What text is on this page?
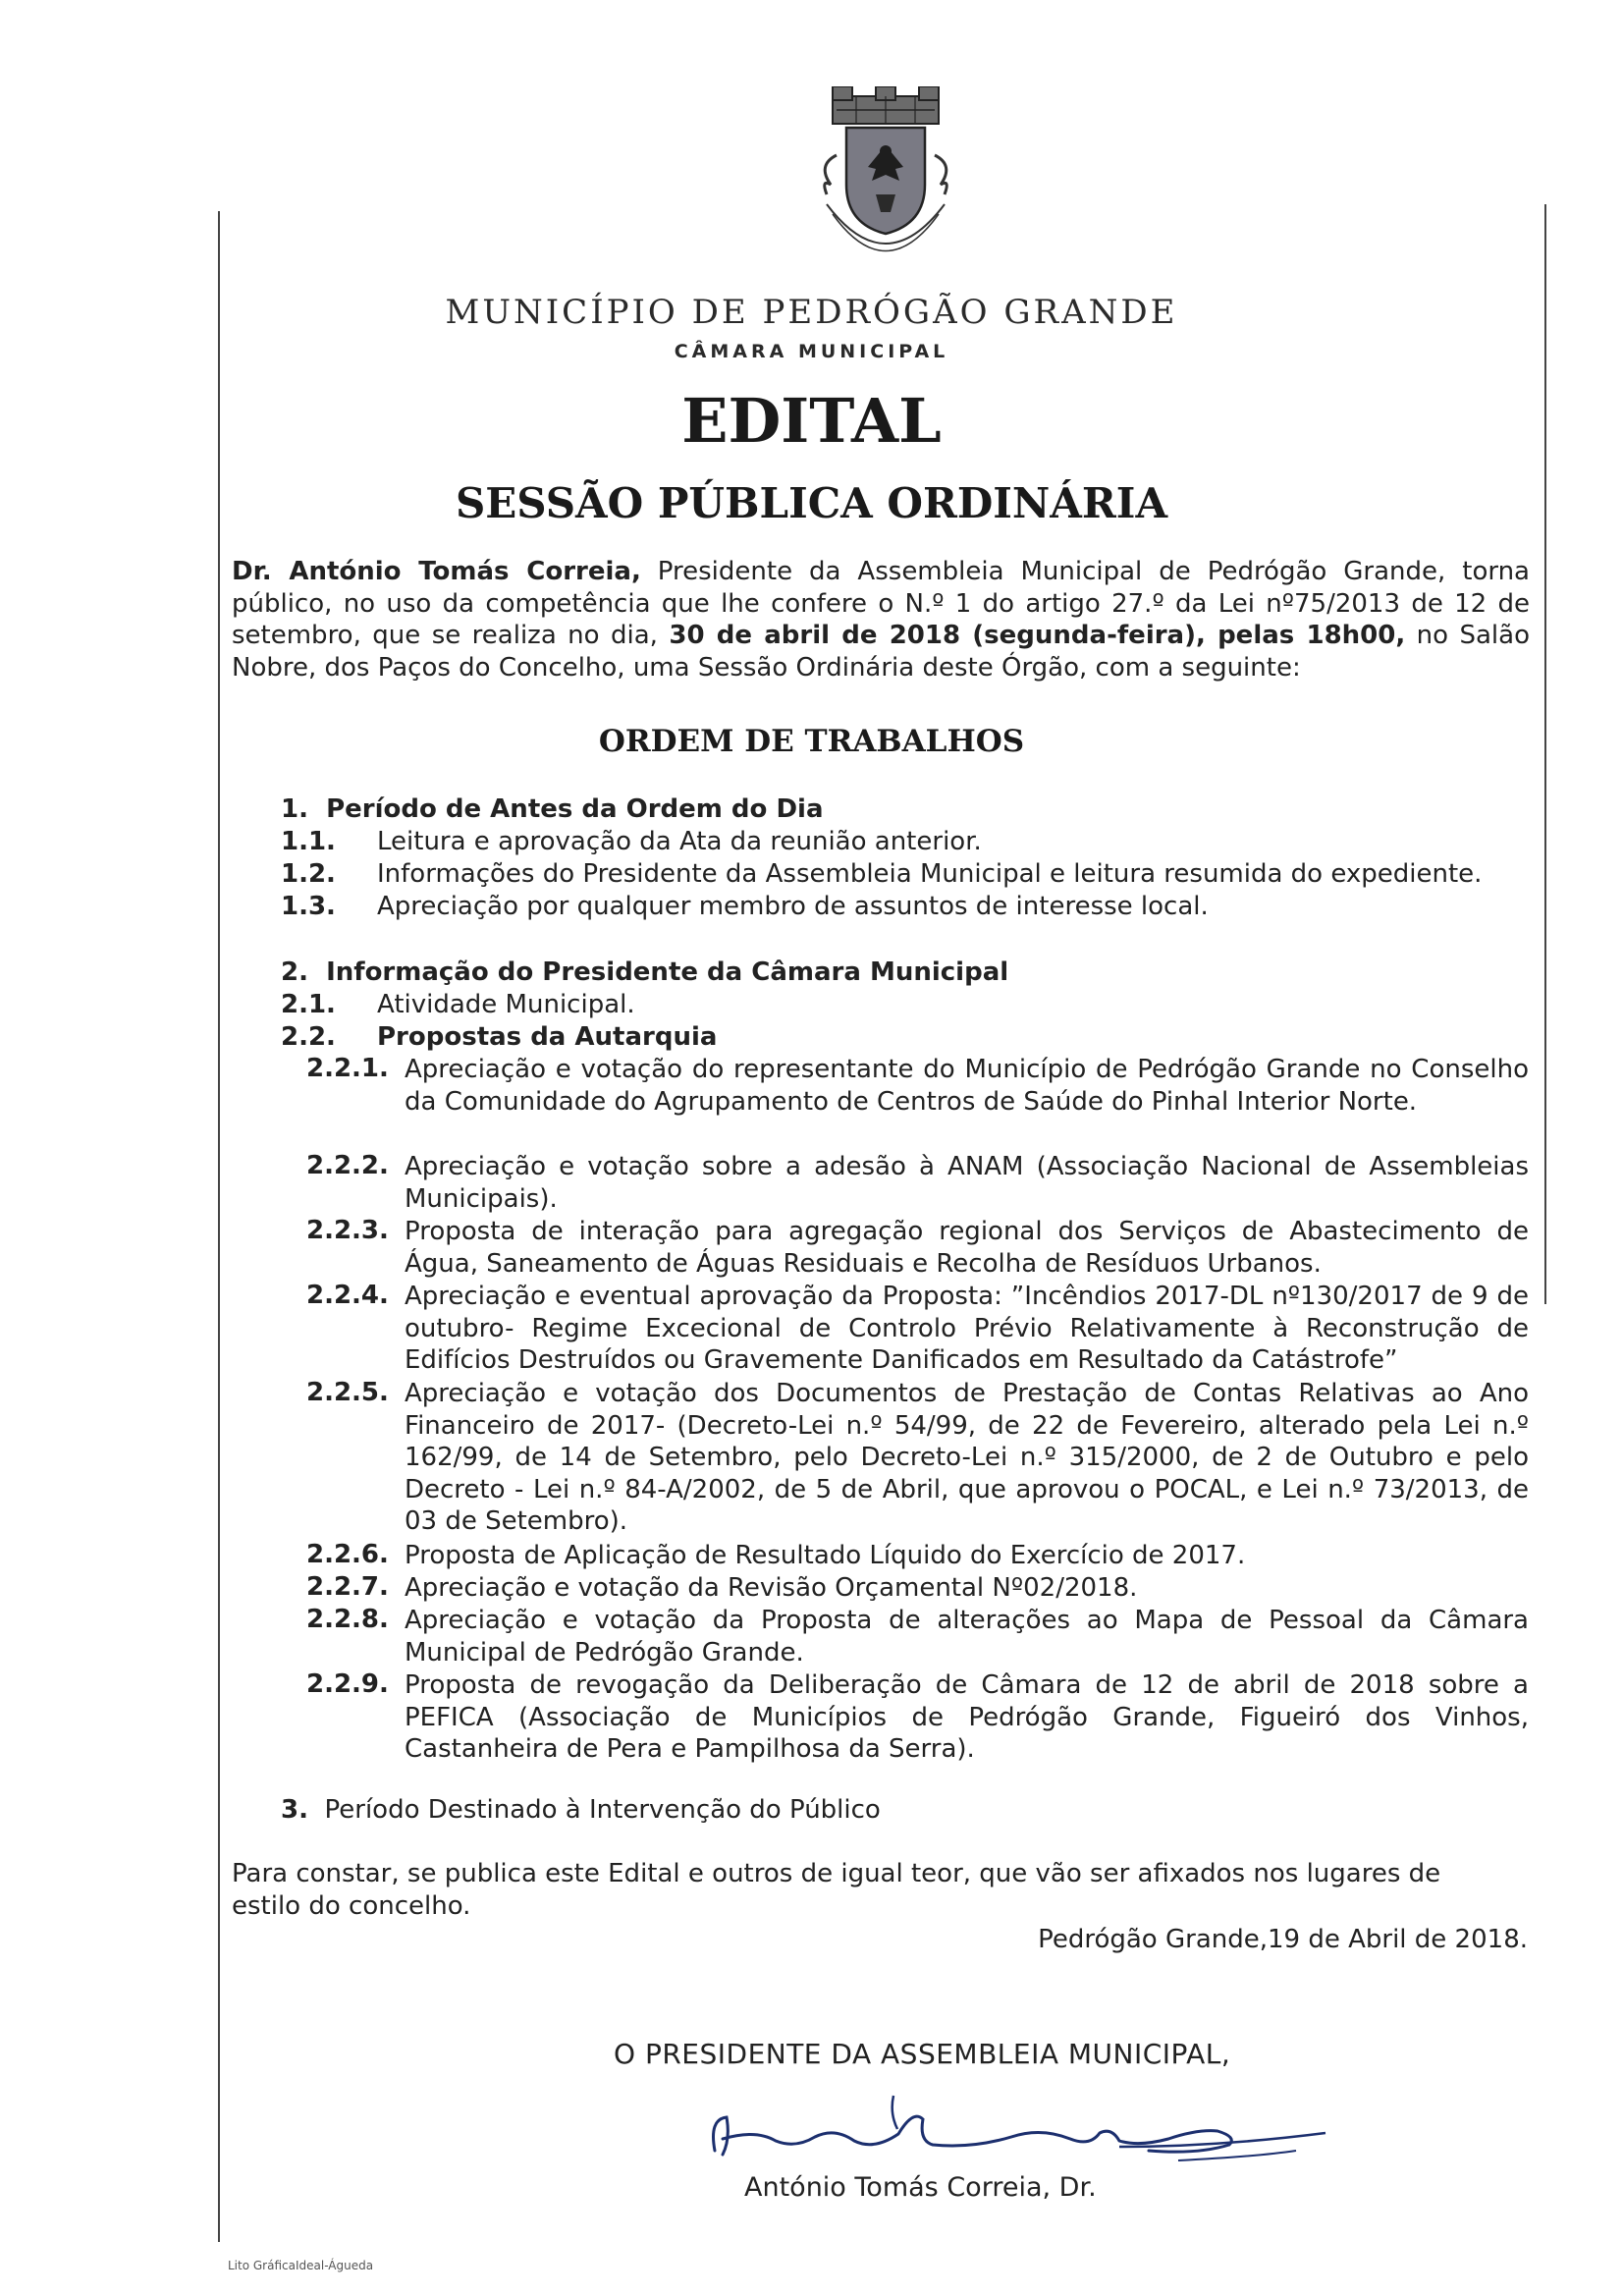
MUNICÍPIO DE PEDRÓGÃO GRANDE
CÂMARA MUNICIPAL
EDITAL
SESSÃO PÚBLICA ORDINÁRIA
Dr. António Tomás Correia, Presidente da Assembleia Municipal de Pedrógão Grande, torna público, no uso da competência que lhe confere o N.º 1 do artigo 27.º da Lei nº75/2013 de 12 de setembro, que se realiza no dia, 30 de abril de 2018 (segunda-feira), pelas 18h00, no Salão Nobre, dos Paços do Concelho, uma Sessão Ordinária deste Órgão, com a seguinte:
ORDEM DE TRABALHOS
1. Período de Antes da Ordem do Dia
1.1. Leitura e aprovação da Ata da reunião anterior.
1.2. Informações do Presidente da Assembleia Municipal e leitura resumida do expediente.
1.3. Apreciação por qualquer membro de assuntos de interesse local.
2. Informação do Presidente da Câmara Municipal
2.1. Atividade Municipal.
2.2. Propostas da Autarquia
2.2.1. Apreciação e votação do representante do Município de Pedrógão Grande no Conselho da Comunidade do Agrupamento de Centros de Saúde do Pinhal Interior Norte.
2.2.2. Apreciação e votação sobre a adesão à ANAM (Associação Nacional de Assembleias Municipais).
2.2.3. Proposta de interação para agregação regional dos Serviços de Abastecimento de Água, Saneamento de Águas Residuais e Recolha de Resíduos Urbanos.
2.2.4. Apreciação e eventual aprovação da Proposta: ”Incêndios 2017-DL nº130/2017 de 9 de outubro- Regime Excecional de Controlo Prévio Relativamente à Reconstrução de Edifícios Destruídos ou Gravemente Danificados em Resultado da Catástrofe”
2.2.5. Apreciação e votação dos Documentos de Prestação de Contas Relativas ao Ano Financeiro de 2017- (Decreto-Lei n.º 54/99, de 22 de Fevereiro, alterado pela Lei n.º 162/99, de 14 de Setembro, pelo Decreto-Lei n.º 315/2000, de 2 de Outubro e pelo Decreto - Lei n.º 84-A/2002, de 5 de Abril, que aprovou o POCAL, e Lei n.º 73/2013, de 03 de Setembro).
2.2.6. Proposta de Aplicação de Resultado Líquido do Exercício de 2017.
2.2.7. Apreciação e votação da Revisão Orçamental Nº02/2018.
2.2.8. Apreciação e votação da Proposta de alterações ao Mapa de Pessoal da Câmara Municipal de Pedrógão Grande.
2.2.9. Proposta de revogação da Deliberação de Câmara de 12 de abril de 2018 sobre a PEFICA (Associação de Municípios de Pedrógão Grande, Figueiró dos Vinhos, Castanheira de Pera e Pampilhosa da Serra).
3. Período Destinado à Intervenção do Público
Para constar, se publica este Edital e outros de igual teor, que vão ser afixados nos lugares de estilo do concelho.
Pedrógão Grande,19 de Abril de 2018.
O PRESIDENTE DA ASSEMBLEIA MUNICIPAL,
António Tomás Correia, Dr.
Lito GráficaIdeal-Águeda
